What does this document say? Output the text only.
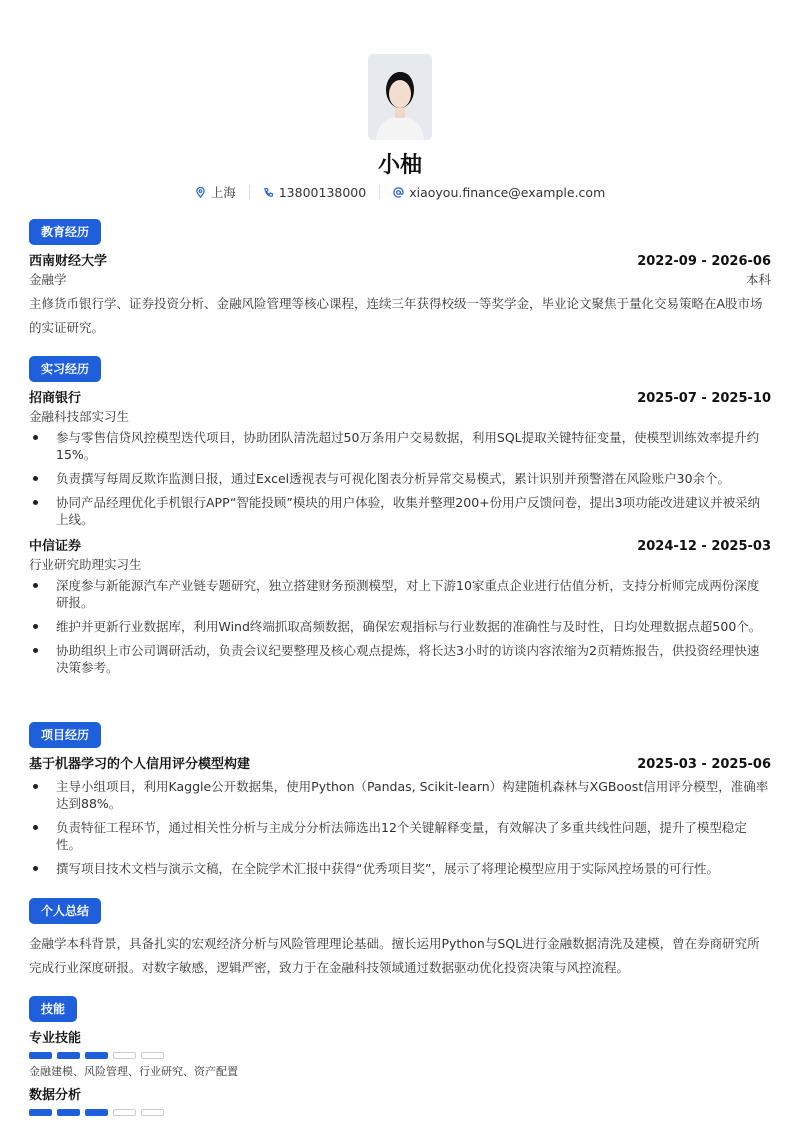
小柚
上海	13800138000	xiaoyou.finance@example.com
教育经历
西南财经大学	2022-09 - 2026-06
金融学	本科

主修货币银行学、证券投资分析、金融风险管理等核心课程，连续三年获得校级一等奖学金，毕业论文聚焦于量化交易策略在A股市场的实证研究。

实习经历
招商银行	2025-07 - 2025-10
金融科技部实习生
参与零售信贷风控模型迭代项目，协助团队清洗超过50万条用户交易数据，利用SQL提取关键特征变量，使模型训练效率提升约15%。
负责撰写每周反欺诈监测日报，通过Excel透视表与可视化图表分析异常交易模式，累计识别并预警潜在风险账户30余个。
协同产品经理优化手机银行APP“智能投顾”模块的用户体验，收集并整理200+份用户反馈问卷，提出3项功能改进建议并被采纳上线。
中信证券	2024-12 - 2025-03
行业研究助理实习生
深度参与新能源汽车产业链专题研究，独立搭建财务预测模型，对上下游10家重点企业进行估值分析，支持分析师完成两份深度研报。
维护并更新行业数据库，利用Wind终端抓取高频数据，确保宏观指标与行业数据的准确性与及时性，日均处理数据点超500个。
协助组织上市公司调研活动，负责会议纪要整理及核心观点提炼，将长达3小时的访谈内容浓缩为2页精炼报告，供投资经理快速决策参考。
项目经历
基于机器学习的个人信用评分模型构建	2025-03 - 2025-06
主导小组项目，利用Kaggle公开数据集，使用Python（Pandas, Scikit-learn）构建随机森林与XGBoost信用评分模型，准确率达到88%。
负责特征工程环节，通过相关性分析与主成分分析法筛选出12个关键解释变量，有效解决了多重共线性问题，提升了模型稳定性。
撰写项目技术文档与演示文稿，在全院学术汇报中获得“优秀项目奖”，展示了将理论模型应用于实际风控场景的可行性。
个人总结

金融学本科背景，具备扎实的宏观经济分析与风险管理理论基础。擅长运用Python与SQL进行金融数据清洗及建模，曾在券商研究所完成行业深度研报。对数字敏感，逻辑严密，致力于在金融科技领域通过数据驱动优化投资决策与风控流程。

技能
专业技能
金融建模、风险管理、行业研究、资产配置
数据分析
